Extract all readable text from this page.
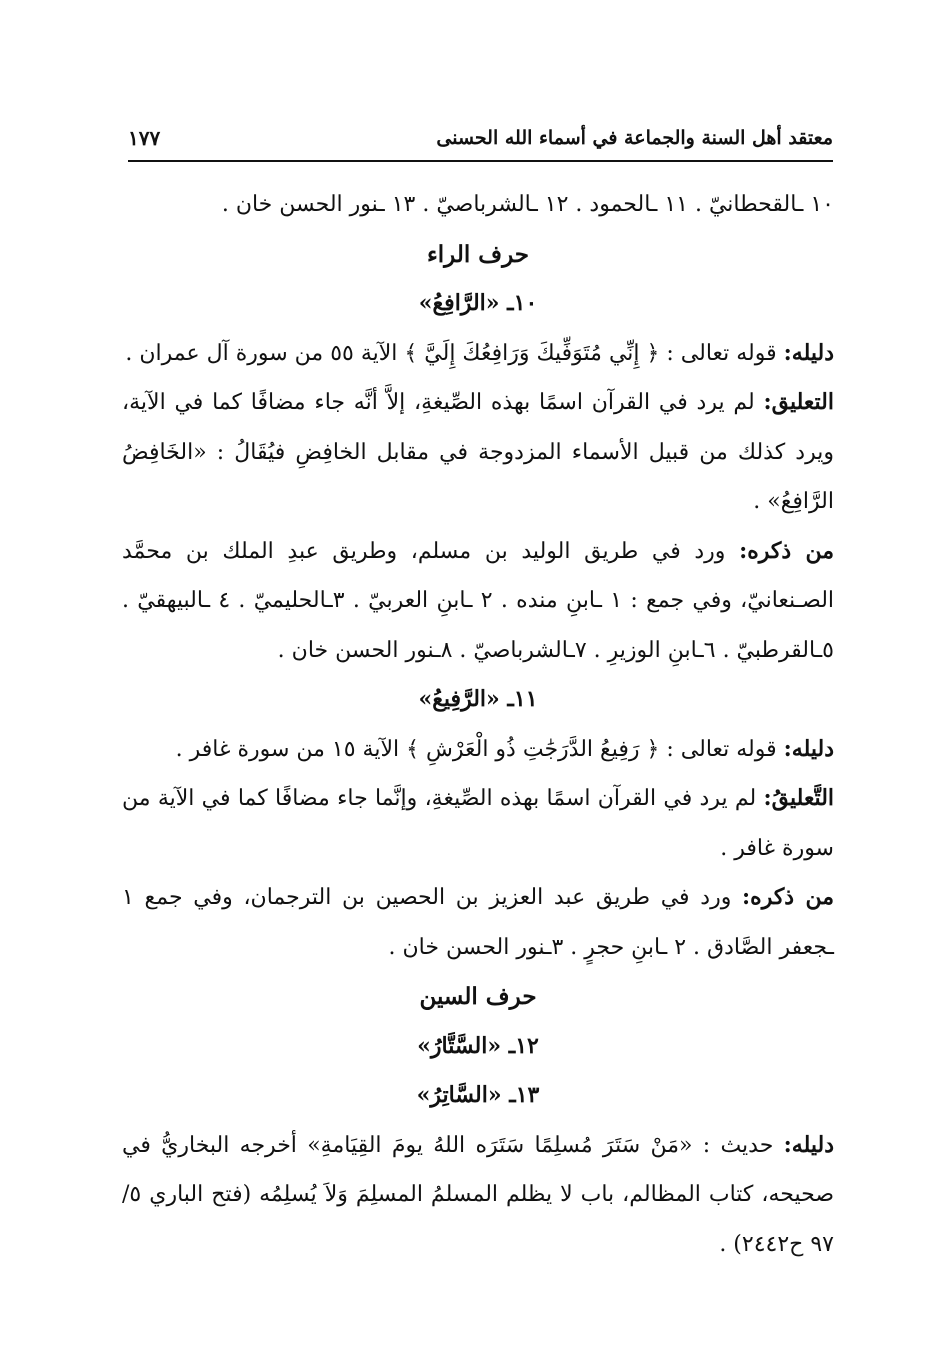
معتقد أهل السنة والجماعة في أسماء الله الحسنى
١٧٧

١٠ ـالقحطانيّ . ١١ ـالحمود . ١٢ ـالشرباصيّ . ١٣ ـنور الحسن خان .

حرف الراء

١٠ـ «الرَّافِعُ»

دليله: قوله تعالى : ﴿ إِنِّي مُتَوَفِّيكَ وَرَافِعُكَ إِلَيَّ ﴾ الآية ٥٥ من سورة آل عمران .

التعليق: لم يرد في القرآن اسمًا بهذه الصِّيغةِ، إلاَّ أنَّه جاء مضافًا كما في الآية، ويرد كذلك من قبيل الأسماء المزدوجة في مقابل الخافِضِ فيُقَالُ : «الخَافِضُ الرَّافِعُ» .

من ذكره: ورد في طريق الوليد بن مسلم، وطريق عبدِ الملك بن محمَّد الصـنعانيّ، وفي جمع : ١ ـابنِ منده . ٢ ـابنِ العربيّ . ٣ـالحليميّ . ٤ ـالبيهقيّ . ٥ـالقرطبيّ . ٦ـابنِ الوزيرِ . ٧ـالشرباصيّ . ٨ـنور الحسن خان .

١١ـ «الرَّفِيعُ»

دليله: قوله تعالى : ﴿ رَفِيعُ الدَّرَجَٰتِ ذُو الْعَرْشِ ﴾ الآية ١٥ من سورة غافر .

التَّعليقُ: لم يرد في القرآن اسمًا بهذه الصِّيغةِ، وإنَّما جاء مضافًا كما في الآية من سورة غافر .

من ذكره: ورد في طريق عبد العزيز بن الحصين بن الترجمان، وفي جمع ١ ـجعفر الصَّادق . ٢ ـابنِ حجرٍ . ٣ـنور الحسن خان .

حرف السين

١٢ـ «السَّتَّارُ»

١٣ـ «السَّاتِرُ»

دليله: حديث : «مَنْ سَتَرَ مُسلِمًا سَتَرَه اللهُ يومَ القِيَامةِ» أخرجه البخاريُّ في صحيحه، كتاب المظالم، باب لا يظلم المسلمُ المسلِمَ وَلاَ يُسلِمُه (فتح الباري ٥/ ٩٧ ح٢٤٤٢) .
